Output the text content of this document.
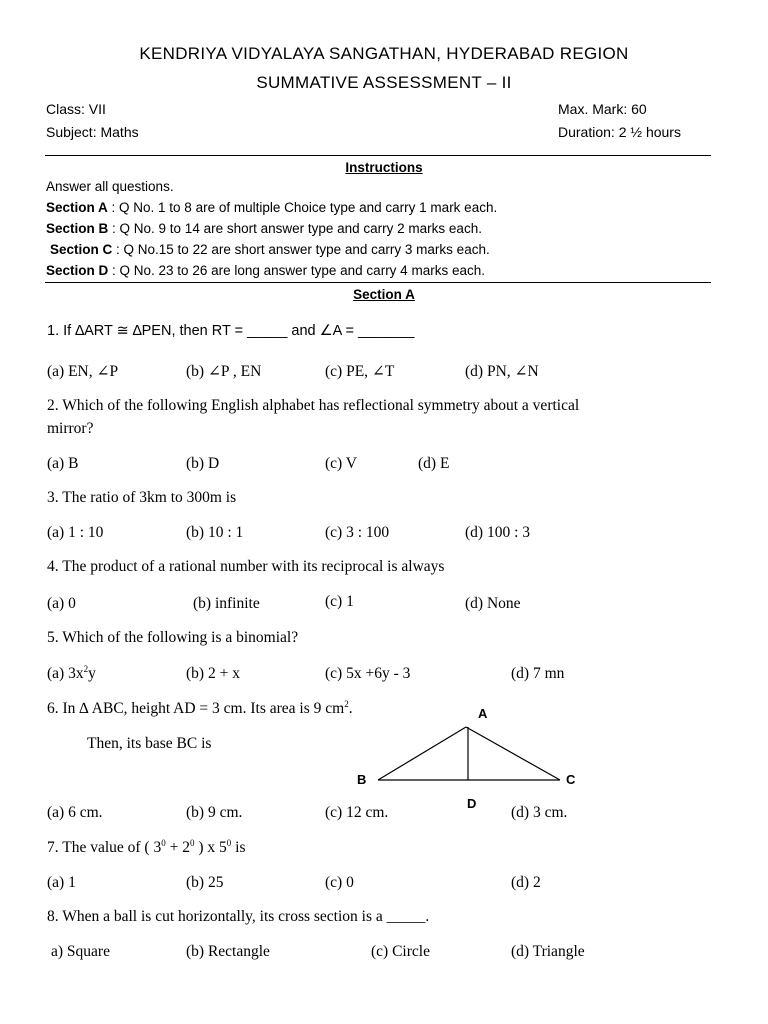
KENDRIYA VIDYALAYA SANGATHAN, HYDERABAD REGION
SUMMATIVE ASSESSMENT – II
Class: VII
Subject: Maths
Max. Mark: 60
Duration: 2 ½ hours
Instructions
Answer all questions.
Section A : Q No. 1 to 8 are of multiple Choice type and carry 1 mark each.
Section B : Q No. 9 to 14 are short answer type and carry 2 marks each.
Section C : Q No.15 to 22 are short answer type and carry 3 marks each.
Section D : Q No. 23 to 26 are long answer type and carry 4 marks each.
Section A
1. If ∆ART ≅ ∆PEN, then RT = _____ and ∠A = _______
(a) EN, ∠P	(b) ∠P , EN	(c) PE, ∠T	(d) PN, ∠N
2. Which of the following English alphabet has reflectional symmetry about a vertical
mirror?
(a) B	(b) D	(c) V	(d) E
3. The ratio of 3km to 300m is
(a) 1 : 10	(b) 10 : 1	(c) 3 : 100	(d) 100 : 3
4. The product of a rational number with its reciprocal is always
(a) 0	(b) infinite	(c) 1	(d) None
5. Which of the following is a binomial?
(a) $3x^2y$	(b) 2 + x	(c) 5x +6y - 3	(d) 7 mn
6. In ∆ ABC, height AD = 3 cm. Its area is 9 $cm^2$.
Then, its base BC is
A
B	C
D
(a) 6 cm.	(b) 9 cm.	(c) 12 cm.	(d) 3 cm.
7. The value of ( $3^0 + 2^0$ ) x $5^0$ is
(a) 1	(b) 25	(c) 0	(d) 2
8. When a ball is cut horizontally, its cross section is a _____.
a) Square	(b) Rectangle	(c) Circle	(d) Triangle
